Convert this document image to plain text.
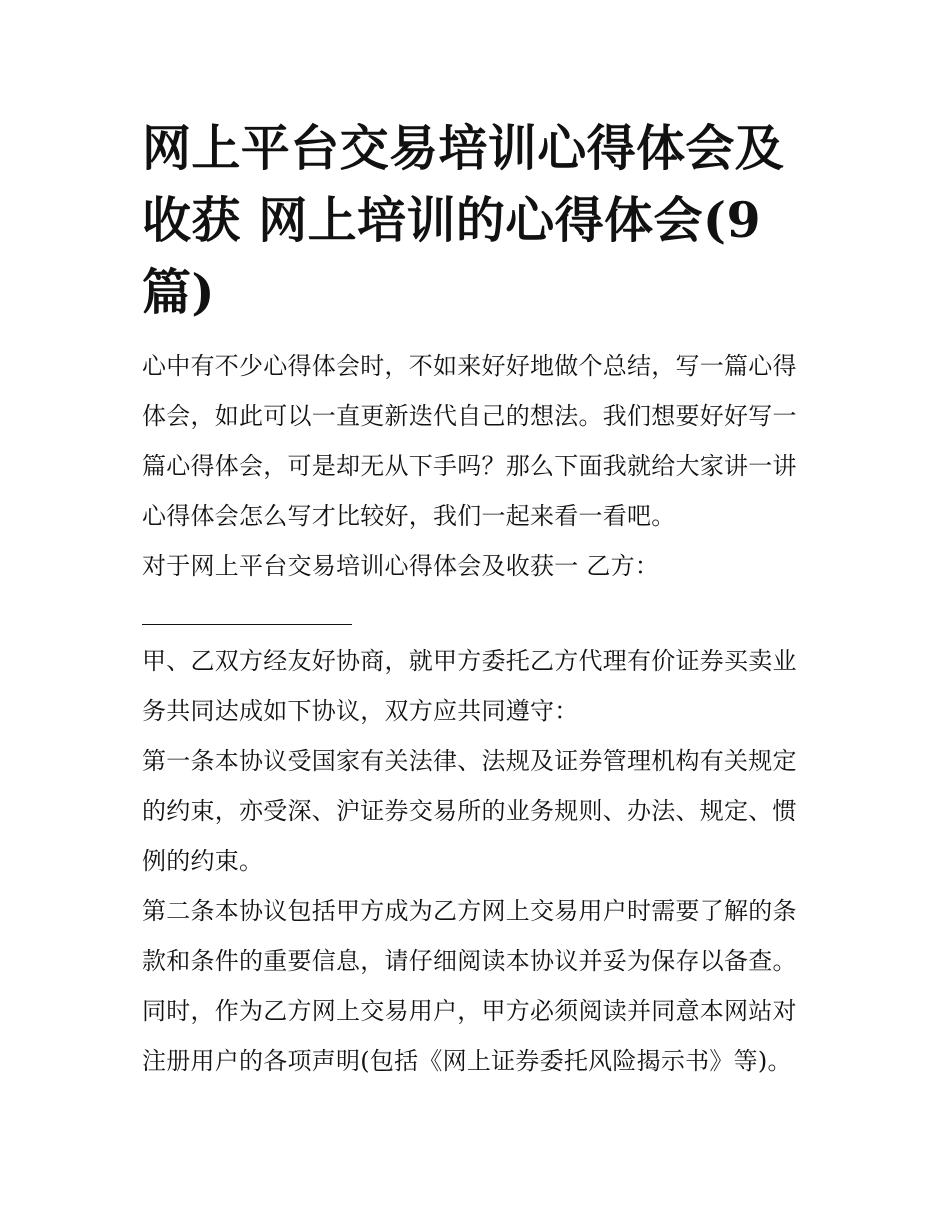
网上平台交易培训心得体会及收获 网上培训的心得体会(9篇)

心中有不少心得体会时，不如来好好地做个总结，写一篇心得体会，如此可以一直更新迭代自己的想法。我们想要好好写一篇心得体会，可是却无从下手吗？那么下面我就给大家讲一讲心得体会怎么写才比较好，我们一起来看一看吧。

对于网上平台交易培训心得体会及收获一 乙方：

甲、乙双方经友好协商，就甲方委托乙方代理有价证券买卖业务共同达成如下协议，双方应共同遵守：

第一条本协议受国家有关法律、法规及证券管理机构有关规定的约束，亦受深、沪证券交易所的业务规则、办法、规定、惯例的约束。

第二条本协议包括甲方成为乙方网上交易用户时需要了解的条款和条件的重要信息，请仔细阅读本协议并妥为保存以备查。同时，作为乙方网上交易用户，甲方必须阅读并同意本网站对注册用户的各项声明(包括《网上证券委托风险揭示书》等)。
